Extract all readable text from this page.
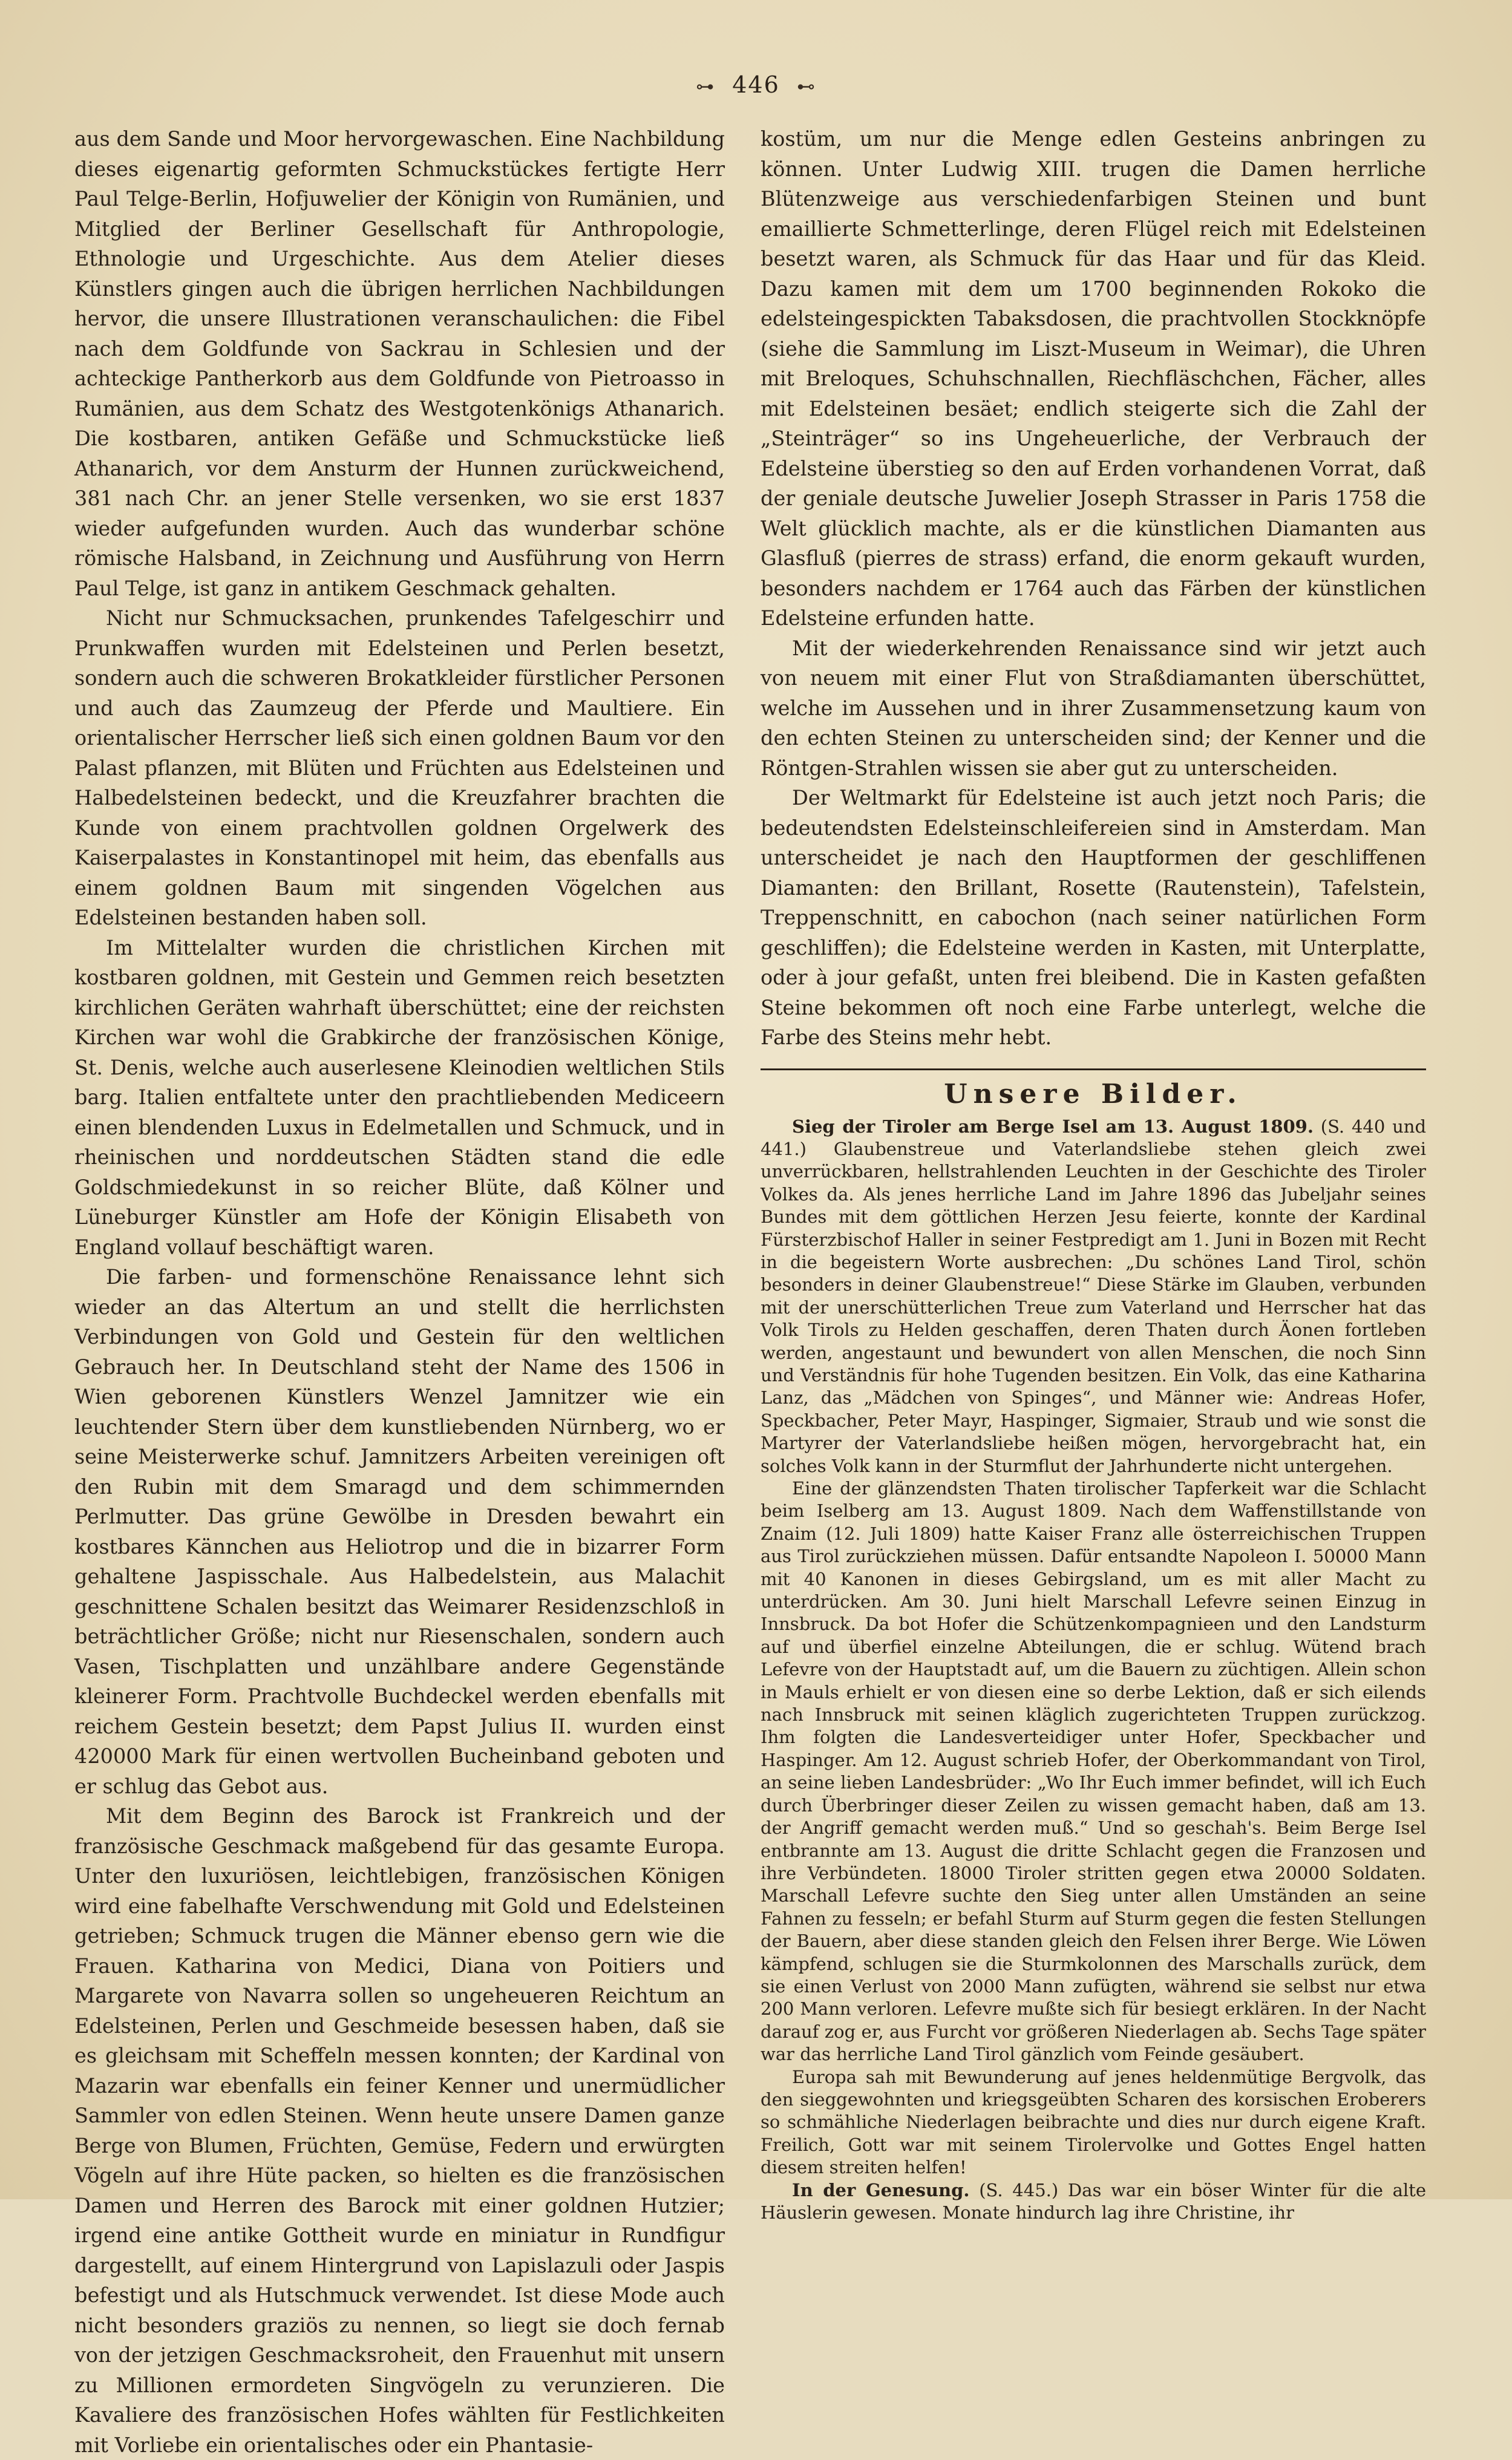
⊶ 446 ⊷

aus dem Sande und Moor hervorgewaschen. Eine Nachbildung dieses eigenartig geformten Schmuckstückes fertigte Herr Paul Telge-Berlin, Hofjuwelier der Königin von Rumänien, und Mitglied der Berliner Gesellschaft für Anthropologie, Ethnologie und Urgeschichte. Aus dem Atelier dieses Künstlers gingen auch die übrigen herrlichen Nachbildungen hervor, die unsere Illustrationen veranschaulichen: die Fibel nach dem Goldfunde von Sackrau in Schlesien und der achteckige Pantherkorb aus dem Goldfunde von Pietroasso in Rumänien, aus dem Schatz des Westgotenkönigs Athanarich. Die kostbaren, antiken Gefäße und Schmuckstücke ließ Athanarich, vor dem Ansturm der Hunnen zurückweichend, 381 nach Chr. an jener Stelle versenken, wo sie erst 1837 wieder aufgefunden wurden. Auch das wunderbar schöne römische Halsband, in Zeichnung und Ausführung von Herrn Paul Telge, ist ganz in antikem Geschmack gehalten.

Nicht nur Schmucksachen, prunkendes Tafelgeschirr und Prunkwaffen wurden mit Edelsteinen und Perlen besetzt, sondern auch die schweren Brokatkleider fürstlicher Personen und auch das Zaumzeug der Pferde und Maultiere. Ein orientalischer Herrscher ließ sich einen goldnen Baum vor den Palast pflanzen, mit Blüten und Früchten aus Edelsteinen und Halbedelsteinen bedeckt, und die Kreuzfahrer brachten die Kunde von einem prachtvollen goldnen Orgelwerk des Kaiserpalastes in Konstantinopel mit heim, das ebenfalls aus einem goldnen Baum mit singenden Vögelchen aus Edelsteinen bestanden haben soll.

Im Mittelalter wurden die christlichen Kirchen mit kostbaren goldnen, mit Gestein und Gemmen reich besetzten kirchlichen Geräten wahrhaft überschüttet; eine der reichsten Kirchen war wohl die Grabkirche der französischen Könige, St. Denis, welche auch auserlesene Kleinodien weltlichen Stils barg. Italien entfaltete unter den prachtliebenden Mediceern einen blendenden Luxus in Edelmetallen und Schmuck, und in rheinischen und norddeutschen Städten stand die edle Goldschmiedekunst in so reicher Blüte, daß Kölner und Lüneburger Künstler am Hofe der Königin Elisabeth von England vollauf beschäftigt waren.

Die farben- und formenschöne Renaissance lehnt sich wieder an das Altertum an und stellt die herrlichsten Verbindungen von Gold und Gestein für den weltlichen Gebrauch her. In Deutschland steht der Name des 1506 in Wien geborenen Künstlers Wenzel Jamnitzer wie ein leuchtender Stern über dem kunstliebenden Nürnberg, wo er seine Meisterwerke schuf. Jamnitzers Arbeiten vereinigen oft den Rubin mit dem Smaragd und dem schimmernden Perlmutter. Das grüne Gewölbe in Dresden bewahrt ein kostbares Kännchen aus Heliotrop und die in bizarrer Form gehaltene Jaspisschale. Aus Halbedelstein, aus Malachit geschnittene Schalen besitzt das Weimarer Residenzschloß in beträchtlicher Größe; nicht nur Riesenschalen, sondern auch Vasen, Tischplatten und unzählbare andere Gegenstände kleinerer Form. Prachtvolle Buchdeckel werden ebenfalls mit reichem Gestein besetzt; dem Papst Julius II. wurden einst 420000 Mark für einen wertvollen Bucheinband geboten und er schlug das Gebot aus.

Mit dem Beginn des Barock ist Frankreich und der französische Geschmack maßgebend für das gesamte Europa. Unter den luxuriösen, leichtlebigen, französischen Königen wird eine fabelhafte Verschwendung mit Gold und Edelsteinen getrieben; Schmuck trugen die Männer ebenso gern wie die Frauen. Katharina von Medici, Diana von Poitiers und Margarete von Navarra sollen so ungeheueren Reichtum an Edelsteinen, Perlen und Geschmeide besessen haben, daß sie es gleichsam mit Scheffeln messen konnten; der Kardinal von Mazarin war ebenfalls ein feiner Kenner und unermüdlicher Sammler von edlen Steinen. Wenn heute unsere Damen ganze Berge von Blumen, Früchten, Gemüse, Federn und erwürgten Vögeln auf ihre Hüte packen, so hielten es die französischen Damen und Herren des Barock mit einer goldnen Hutzier; irgend eine antike Gottheit wurde en miniatur in Rundfigur dargestellt, auf einem Hintergrund von Lapislazuli oder Jaspis befestigt und als Hutschmuck verwendet. Ist diese Mode auch nicht besonders graziös zu nennen, so liegt sie doch fernab von der jetzigen Geschmacksroheit, den Frauenhut mit unsern zu Millionen ermordeten Singvögeln zu verunzieren. Die Kavaliere des französischen Hofes wählten für Festlichkeiten mit Vorliebe ein orientalisches oder ein Phantasie-

kostüm, um nur die Menge edlen Gesteins anbringen zu können. Unter Ludwig XIII. trugen die Damen herrliche Blütenzweige aus verschiedenfarbigen Steinen und bunt emaillierte Schmetterlinge, deren Flügel reich mit Edelsteinen besetzt waren, als Schmuck für das Haar und für das Kleid. Dazu kamen mit dem um 1700 beginnenden Rokoko die edelsteingespickten Tabaksdosen, die prachtvollen Stockknöpfe (siehe die Sammlung im Liszt-Museum in Weimar), die Uhren mit Breloques, Schuhschnallen, Riechfläschchen, Fächer, alles mit Edelsteinen besäet; endlich steigerte sich die Zahl der „Steinträger“ so ins Ungeheuerliche, der Verbrauch der Edelsteine überstieg so den auf Erden vorhandenen Vorrat, daß der geniale deutsche Juwelier Joseph Strasser in Paris 1758 die Welt glücklich machte, als er die künstlichen Diamanten aus Glasfluß (pierres de strass) erfand, die enorm gekauft wurden, besonders nachdem er 1764 auch das Färben der künstlichen Edelsteine erfunden hatte.

Mit der wiederkehrenden Renaissance sind wir jetzt auch von neuem mit einer Flut von Straßdiamanten überschüttet, welche im Aussehen und in ihrer Zusammensetzung kaum von den echten Steinen zu unterscheiden sind; der Kenner und die Röntgen-Strahlen wissen sie aber gut zu unterscheiden.

Der Weltmarkt für Edelsteine ist auch jetzt noch Paris; die bedeutendsten Edelsteinschleifereien sind in Amsterdam. Man unterscheidet je nach den Hauptformen der geschliffenen Diamanten: den Brillant, Rosette (Rautenstein), Tafelstein, Treppenschnitt, en cabochon (nach seiner natürlichen Form geschliffen); die Edelsteine werden in Kasten, mit Unterplatte, oder à jour gefaßt, unten frei bleibend. Die in Kasten gefaßten Steine bekommen oft noch eine Farbe unterlegt, welche die Farbe des Steins mehr hebt.

Unsere Bilder.

Sieg der Tiroler am Berge Isel am 13. August 1809. (S. 440 und 441.) Glaubenstreue und Vaterlandsliebe stehen gleich zwei unverrückbaren, hellstrahlenden Leuchten in der Geschichte des Tiroler Volkes da. Als jenes herrliche Land im Jahre 1896 das Jubeljahr seines Bundes mit dem göttlichen Herzen Jesu feierte, konnte der Kardinal Fürsterzbischof Haller in seiner Festpredigt am 1. Juni in Bozen mit Recht in die begeistern Worte ausbrechen: „Du schönes Land Tirol, schön besonders in deiner Glaubenstreue!“ Diese Stärke im Glauben, verbunden mit der unerschütterlichen Treue zum Vaterland und Herrscher hat das Volk Tirols zu Helden geschaffen, deren Thaten durch Äonen fortleben werden, angestaunt und bewundert von allen Menschen, die noch Sinn und Verständnis für hohe Tugenden besitzen. Ein Volk, das eine Katharina Lanz, das „Mädchen von Spinges“, und Männer wie: Andreas Hofer, Speckbacher, Peter Mayr, Haspinger, Sigmaier, Straub und wie sonst die Martyrer der Vaterlandsliebe heißen mögen, hervorgebracht hat, ein solches Volk kann in der Sturmflut der Jahrhunderte nicht untergehen.

Eine der glänzendsten Thaten tirolischer Tapferkeit war die Schlacht beim Iselberg am 13. August 1809. Nach dem Waffenstillstande von Znaim (12. Juli 1809) hatte Kaiser Franz alle österreichischen Truppen aus Tirol zurückziehen müssen. Dafür entsandte Napoleon I. 50000 Mann mit 40 Kanonen in dieses Gebirgsland, um es mit aller Macht zu unterdrücken. Am 30. Juni hielt Marschall Lefevre seinen Einzug in Innsbruck. Da bot Hofer die Schützenkompagnieen und den Landsturm auf und überfiel einzelne Abteilungen, die er schlug. Wütend brach Lefevre von der Hauptstadt auf, um die Bauern zu züchtigen. Allein schon in Mauls erhielt er von diesen eine so derbe Lektion, daß er sich eilends nach Innsbruck mit seinen kläglich zugerichteten Truppen zurückzog. Ihm folgten die Landesverteidiger unter Hofer, Speckbacher und Haspinger. Am 12. August schrieb Hofer, der Oberkommandant von Tirol, an seine lieben Landesbrüder: „Wo Ihr Euch immer befindet, will ich Euch durch Überbringer dieser Zeilen zu wissen gemacht haben, daß am 13. der Angriff gemacht werden muß.“ Und so geschah's. Beim Berge Isel entbrannte am 13. August die dritte Schlacht gegen die Franzosen und ihre Verbündeten. 18000 Tiroler stritten gegen etwa 20000 Soldaten. Marschall Lefevre suchte den Sieg unter allen Umständen an seine Fahnen zu fesseln; er befahl Sturm auf Sturm gegen die festen Stellungen der Bauern, aber diese standen gleich den Felsen ihrer Berge. Wie Löwen kämpfend, schlugen sie die Sturmkolonnen des Marschalls zurück, dem sie einen Verlust von 2000 Mann zufügten, während sie selbst nur etwa 200 Mann verloren. Lefevre mußte sich für besiegt erklären. In der Nacht darauf zog er, aus Furcht vor größeren Niederlagen ab. Sechs Tage später war das herrliche Land Tirol gänzlich vom Feinde gesäubert.

Europa sah mit Bewunderung auf jenes heldenmütige Bergvolk, das den sieggewohnten und kriegsgeübten Scharen des korsischen Eroberers so schmähliche Niederlagen beibrachte und dies nur durch eigene Kraft. Freilich, Gott war mit seinem Tirolervolke und Gottes Engel hatten diesem streiten helfen!

In der Genesung. (S. 445.) Das war ein böser Winter für die alte Häuslerin gewesen. Monate hindurch lag ihre Christine, ihr
